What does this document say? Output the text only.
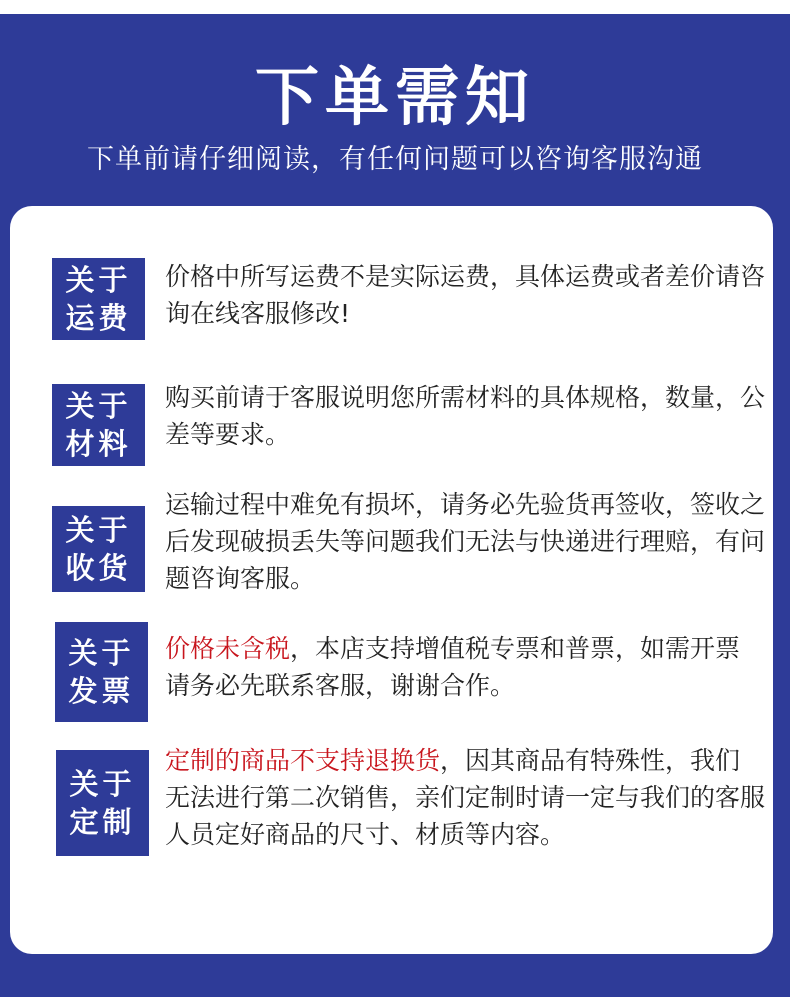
下单需知
下单前请仔细阅读，有任何问题可以咨询客服沟通
关于
运费
价格中所写运费不是实际运费，具体运费或者差价请咨询在线客服修改!
关于
材料
购买前请于客服说明您所需材料的具体规格，数量，公差等要求。
关于
收货
运输过程中难免有损坏，请务必先验货再签收，签收之后发现破损丢失等问题我们无法与快递进行理赔，有问题咨询客服。
关于
发票
价格未含税，本店支持增值税专票和普票，如需开票请务必先联系客服，谢谢合作。
关于
定制
定制的商品不支持退换货，因其商品有特殊性，我们无法进行第二次销售，亲们定制时请一定与我们的客服人员定好商品的尺寸、材质等内容。
